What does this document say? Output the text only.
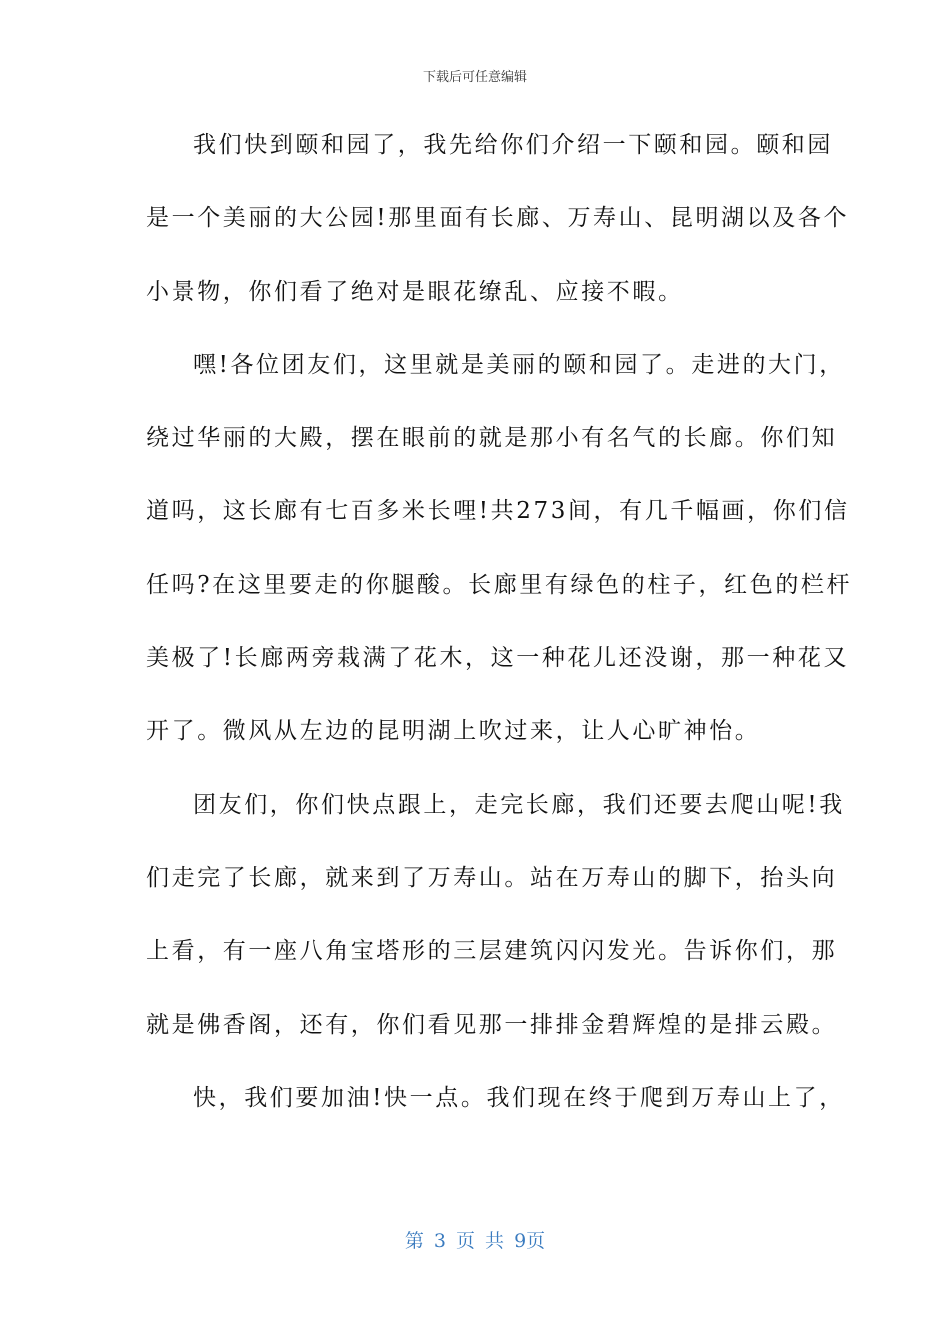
下载后可任意编辑
我们快到颐和园了，我先给你们介绍一下颐和园。颐和园
是一个美丽的大公园!那里面有长廊、万寿山、昆明湖以及各个
小景物，你们看了绝对是眼花缭乱、应接不暇。
嘿!各位团友们，这里就是美丽的颐和园了。走进的大门，
绕过华丽的大殿，摆在眼前的就是那小有名气的长廊。你们知
道吗，这长廊有七百多米长哩!共273间，有几千幅画，你们信
任吗?在这里要走的你腿酸。长廊里有绿色的柱子，红色的栏杆
美极了!长廊两旁栽满了花木，这一种花儿还没谢，那一种花又
开了。微风从左边的昆明湖上吹过来，让人心旷神怡。
团友们，你们快点跟上，走完长廊，我们还要去爬山呢!我
们走完了长廊，就来到了万寿山。站在万寿山的脚下，抬头向
上看，有一座八角宝塔形的三层建筑闪闪发光。告诉你们，那
就是佛香阁，还有，你们看见那一排排金碧辉煌的是排云殿。
快，我们要加油!快一点。我们现在终于爬到万寿山上了，
第 3 页 共 9页
